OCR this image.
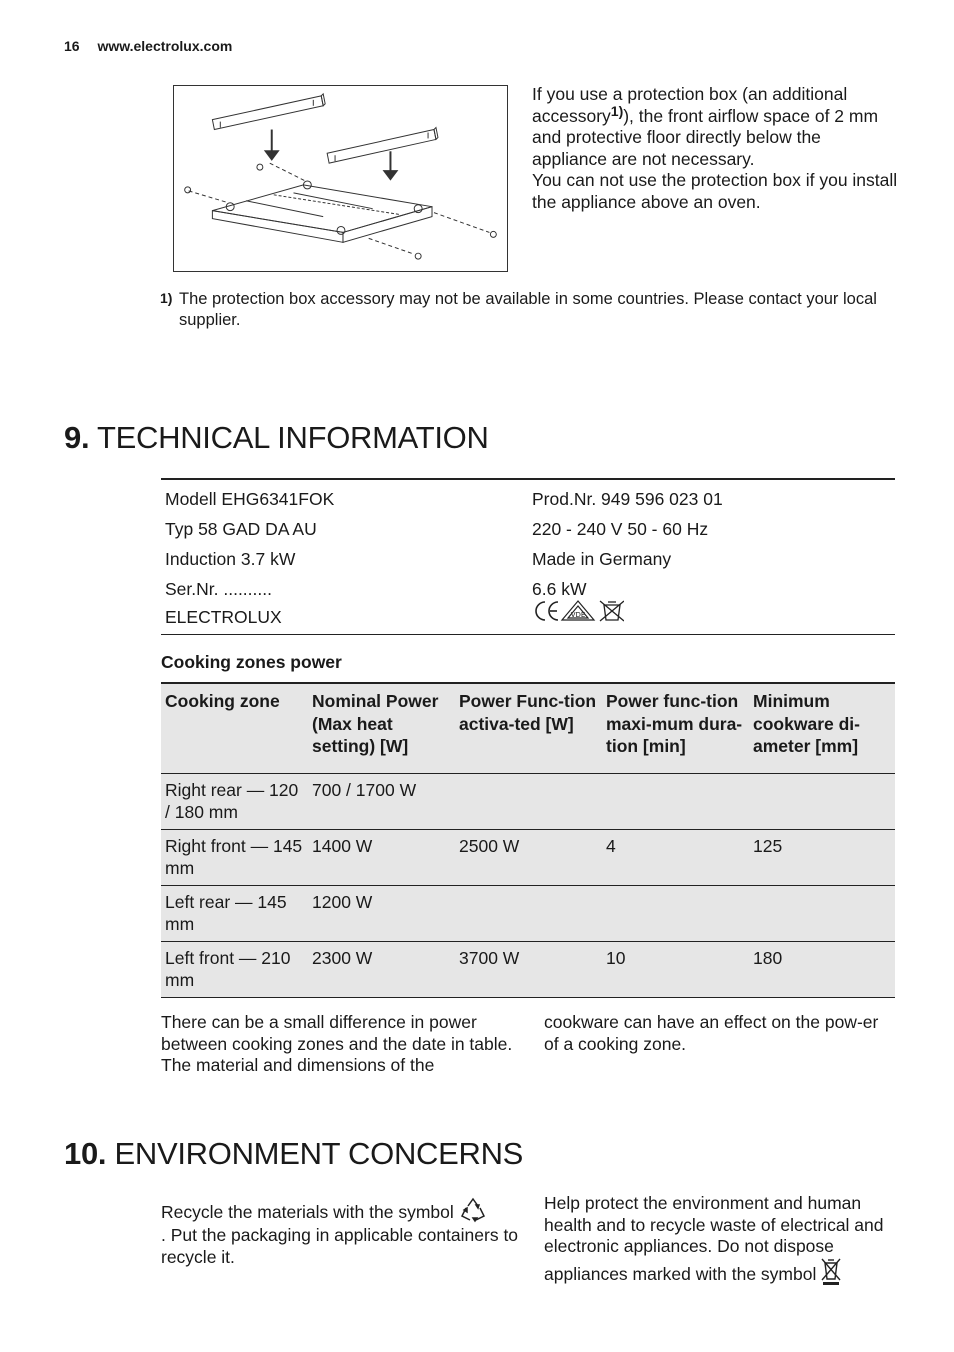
16 www.electrolux.com
If you use a protection box (an additional accessory$^{1)}$), the front airflow space of 2 mm and protective floor directly below the appliance are not necessary.
You can not use the protection box if you install the appliance above an oven.
1) The protection box accessory may not be available in some countries. Please contact your local supplier.
9. TECHNICAL INFORMATION
Modell EHG6341FOK	Prod.Nr. 949 596 023 01
Typ 58 GAD DA AU	220 - 240 V 50 - 60 Hz
Induction 3.7 kW	Made in Germany
Ser.Nr. ..........	6.6 kW
ELECTROLUX	VDE
Cooking zones power
Cooking zone	Nominal Power (Max heat setting) [W]	Power Func-tion activa-ted [W]	Power func-tion maxi-mum dura-tion [min]	Minimum cookware di-ameter [mm]
Right rear — 120 / 180 mm	700 / 1700 W			
Right front — 145 mm	1400 W	2500 W	4	125
Left rear — 145 mm	1200 W			
Left front — 210 mm	2300 W	3700 W	10	180
There can be a small difference in power between cooking zones and the date in table. The material and dimensions of the
cookware can have an effect on the pow-er of a cooking zone.
10. ENVIRONMENT CONCERNS
Recycle the materials with the symbol
. Put the packaging in applicable containers to recycle it.
Help protect the environment and human health and to recycle waste of electrical and electronic appliances. Do not dispose appliances marked with the symbol
